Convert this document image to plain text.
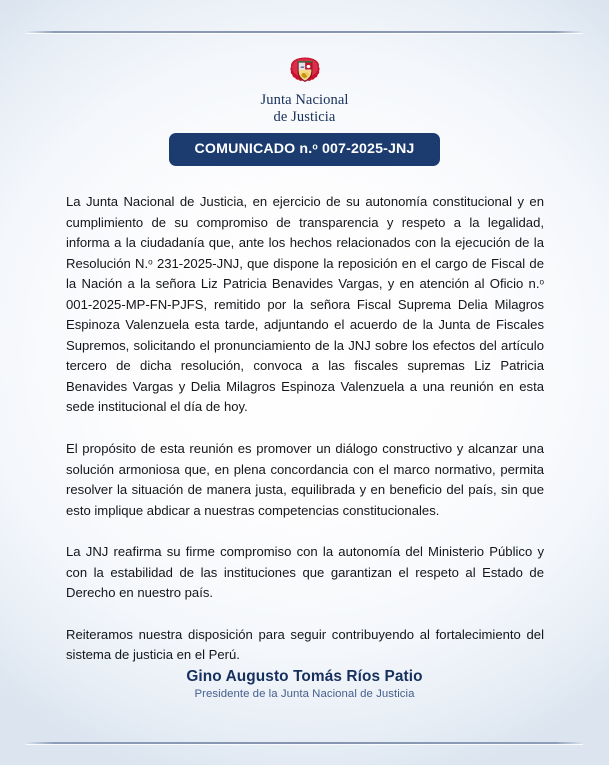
Junta Nacional
de Justicia
COMUNICADO n.$^o$ 007-2025-JNJ

La Junta Nacional de Justicia, en ejercicio de su autonomía constitucional y en cumplimiento de su compromiso de transparencia y respeto a la legalidad, informa a la ciudadanía que, ante los hechos relacionados con la ejecución de la Resolución N.$^o$ 231-2025-JNJ, que dispone la reposición en el cargo de Fiscal de la Nación a la señora Liz Patricia Benavides Vargas, y en atención al Oficio n.$^o$ 001-2025-MP-FN-PJFS, remitido por la señora Fiscal Suprema Delia Milagros Espinoza Valenzuela esta tarde, adjuntando el acuerdo de la Junta de Fiscales Supremos, solicitando el pronunciamiento de la JNJ sobre los efectos del artículo tercero de dicha resolución, convoca a las fiscales supremas Liz Patricia Benavides Vargas y Delia Milagros Espinoza Valenzuela a una reunión en esta sede institucional el día de hoy.

El propósito de esta reunión es promover un diálogo constructivo y alcanzar una solución armoniosa que, en plena concordancia con el marco normativo, permita resolver la situación de manera justa, equilibrada y en beneficio del país, sin que esto implique abdicar a nuestras competencias constitucionales.

La JNJ reafirma su firme compromiso con la autonomía del Ministerio Público y con la estabilidad de las instituciones que garantizan el respeto al Estado de Derecho en nuestro país.

Reiteramos nuestra disposición para seguir contribuyendo al fortalecimiento del sistema de justicia en el Perú.

Gino Augusto Tomás Ríos Patio
Presidente de la Junta Nacional de Justicia
